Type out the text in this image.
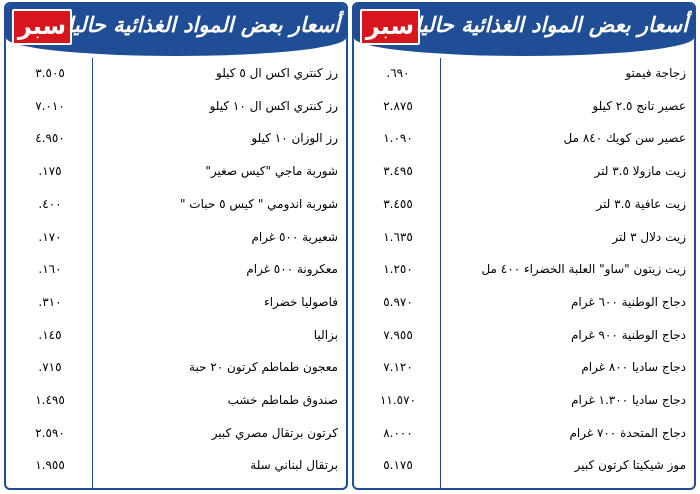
سبر أسعار بعض المواد الغذائية حاليا
٣.٥٠٥	رز كنتري اكس ال ٥ كيلو
٧.٠١٠	رز كنتري اكس ال ١٠ كيلو
٤.٩٥٠	رز الوزان ١٠ كيلو
.١٧٥	شوربة ماجي "كيس صغير"
.٤٠٠	شوربة اندومي " كيس ٥ حبات "
.١٧٠	شعيرية ٥٠٠ غرام
.١٦٠	معكرونة ٥٠٠ غرام
.٣١٠	فاصوليا خضراء
.١٤٥	بزاليا
.٧١٥	معجون طماطم كرتون ٢٠ حبة
١.٤٩٥	صندوق طماطم خشب
٢.٥٩٠	كرتون برتقال مصري كبير
١.٩٥٥	برتقال لبناني سلة
سبر أسعار بعض المواد الغذائية حاليا
.٦٩٠	زجاجة فيمتو
٢.٨٧٥	عصير تانج ٢.٥ كيلو
١.٠٩٠	عصير سن كويك ٨٤٠ مل
٣.٤٩٥	زيت مازولا ٣.٥ لتر
٣.٤٥٥	زيت عافية ٣.٥ لتر
١.٦٣٥	زيت دلال ٣ لتر
١.٢٥٠	زيت زيتون "ساو" العلبة الخضراء ٤٠٠ مل
٥.٩٧٠	دجاج الوطنية ٦٠٠ غرام
٧.٩٥٥	دجاج الوطنية ٩٠٠ غرام
٧.١٢٠	دجاج ساديا ٨٠٠ غرام
١١.٥٧٠	دجاج ساديا ١.٣٠٠ غرام
٨.٠٠٠	دجاج المتحدة ٧٠٠ غرام
٥.١٧٥	موز شيكيتا كرتون كبير
